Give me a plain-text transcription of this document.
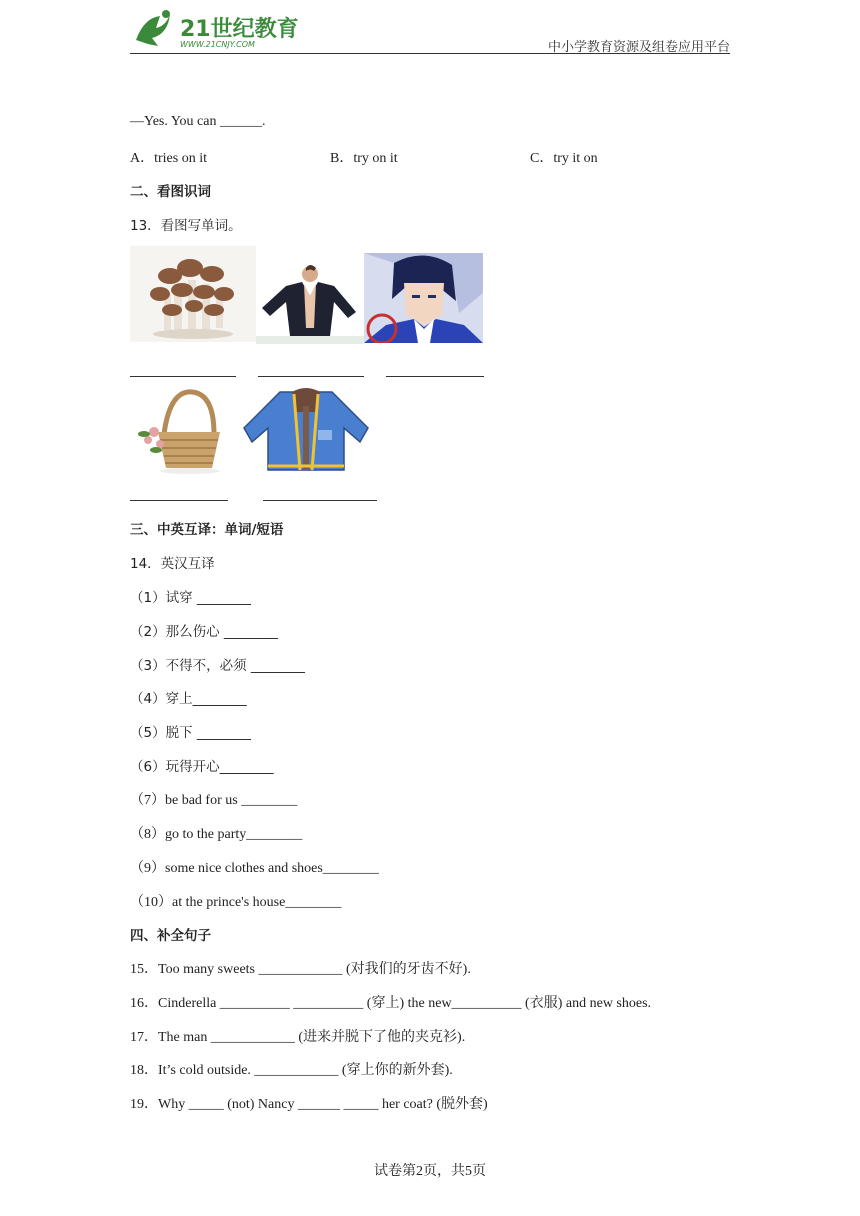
21世纪教育
WWW.21CNJY.COM	中小学教育资源及组卷应用平台
—Yes. You can ______.
A．tries on it	B．try on it	C．try it on
二、看图识词
13．看图写单词。
三、中英互译：单词/短语
14．英汉互译
（1）试穿 ________
（2）那么伤心 ________
（3）不得不，必须 ________
（4）穿上________
（5）脱下 ________
（6）玩得开心________
（7）be bad for us ________
（8）go to the party________
（9）some nice clothes and shoes________
（10）at the prince's house________
四、补全句子
15．Too many sweets ____________ (对我们的牙齿不好).
16．Cinderella __________ __________ (穿上) the new__________ (衣服) and new shoes.
17．The man ____________ (进来并脱下了他的夹克衫).
18．It’s cold outside. ____________ (穿上你的新外套).
19．Why _____ (not) Nancy ______ _____ her coat? (脱外套)
试卷第2页，共5页
